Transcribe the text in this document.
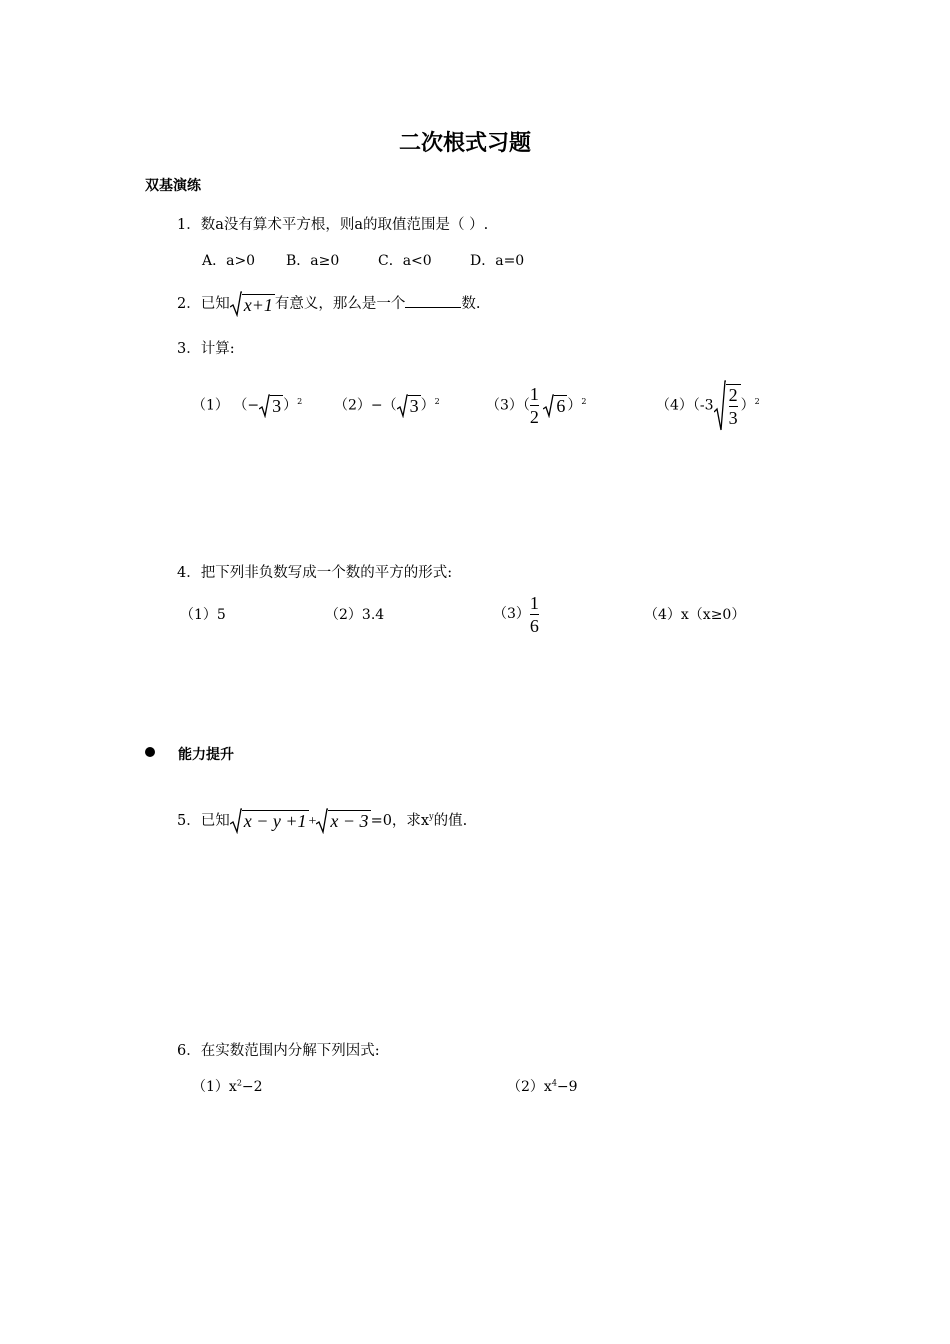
二次根式习题
双基演练
1．数a没有算术平方根，则a的取值范围是（ ）.
A．a>0 B．a≥0	C．a<0	D．a=0
2．已知 x+1 有意义，那么是一个	数.
3．计算:
（1） （− 3 ）$^2$ （2）−（ 3 ）$^2$	$(3)( \frac{1}{2} 6$ ）$^2$	$(4)(-3 \frac{2}{3} )^2$
4．把下列非负数写成一个数的平方的形式:
（1）5	（2）3.4	$(3) \frac{1}{6}$	（4）x（x≥0）
能力提升
5．已知 x − y +1 + x − 3 =0，求$x^y$的值.
6．在实数范围内分解下列因式:
$(1)x^2-2$	$(2)x^4-9$
